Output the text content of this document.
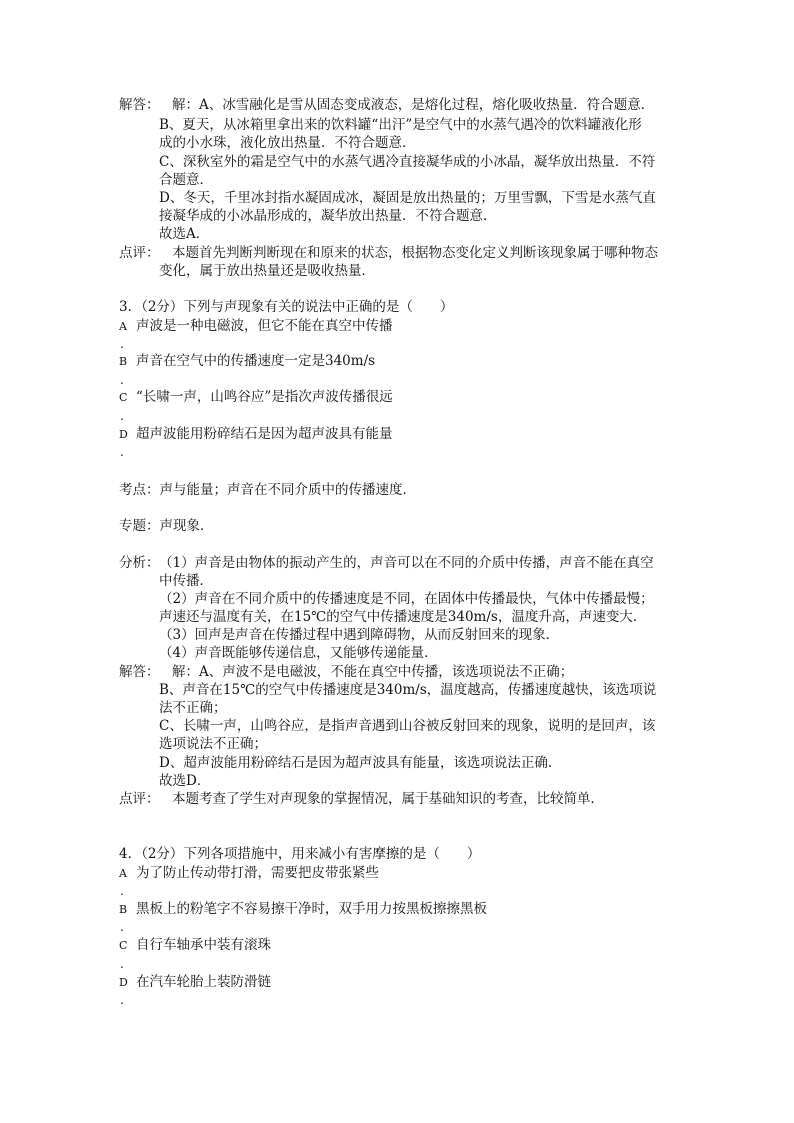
解答： 解：A、冰雪融化是雪从固态变成液态，是熔化过程，熔化吸收热量．符合题意．
B、夏天，从冰箱里拿出来的饮料罐“出汗”是空气中的水蒸气遇冷的饮料罐液化形
成的小水珠，液化放出热量．不符合题意．
C、深秋室外的霜是空气中的水蒸气遇冷直接凝华成的小冰晶，凝华放出热量．不符
合题意．
D、冬天，千里冰封指水凝固成冰，凝固是放出热量的；万里雪飘，下雪是水蒸气直
接凝华成的小冰晶形成的，凝华放出热量．不符合题意．
故选A．
点评： 本题首先判断判断现在和原来的状态，根据物态变化定义判断该现象属于哪种物态
变化，属于放出热量还是吸收热量．
3．（2分）下列与声现象有关的说法中正确的是（　　）
A 声波是一种电磁波，但它不能在真空中传播
.
B 声音在空气中的传播速度一定是340m/s
.
C “长啸一声，山鸣谷应”是指次声波传播很远
.
D 超声波能用粉碎结石是因为超声波具有能量
.
考点：声与能量；声音在不同介质中的传播速度．
专题：声现象．
分析： （1）声音是由物体的振动产生的，声音可以在不同的介质中传播，声音不能在真空
中传播．
（2）声音在不同介质中的传播速度是不同，在固体中传播最快，气体中传播最慢；
声速还与温度有关，在15℃的空气中传播速度是340m/s，温度升高，声速变大．
（3）回声是声音在传播过程中遇到障碍物，从而反射回来的现象．
（4）声音既能够传递信息，又能够传递能量．
解答： 解：A、声波不是电磁波，不能在真空中传播，该选项说法不正确；
B、声音在15℃的空气中传播速度是340m/s，温度越高，传播速度越快，该选项说
法不正确；
C、长啸一声，山鸣谷应，是指声音遇到山谷被反射回来的现象，说明的是回声，该
选项说法不正确；
D、超声波能用粉碎结石是因为超声波具有能量，该选项说法正确．
故选D．
点评： 本题考查了学生对声现象的掌握情况，属于基础知识的考查，比较简单．
4．（2分）下列各项措施中，用来减小有害摩擦的是（　　）
A 为了防止传动带打滑，需要把皮带张紧些
.
B 黑板上的粉笔字不容易擦干净时，双手用力按黑板擦擦黑板
.
C 自行车轴承中装有滚珠
.
D 在汽车轮胎上装防滑链
.
